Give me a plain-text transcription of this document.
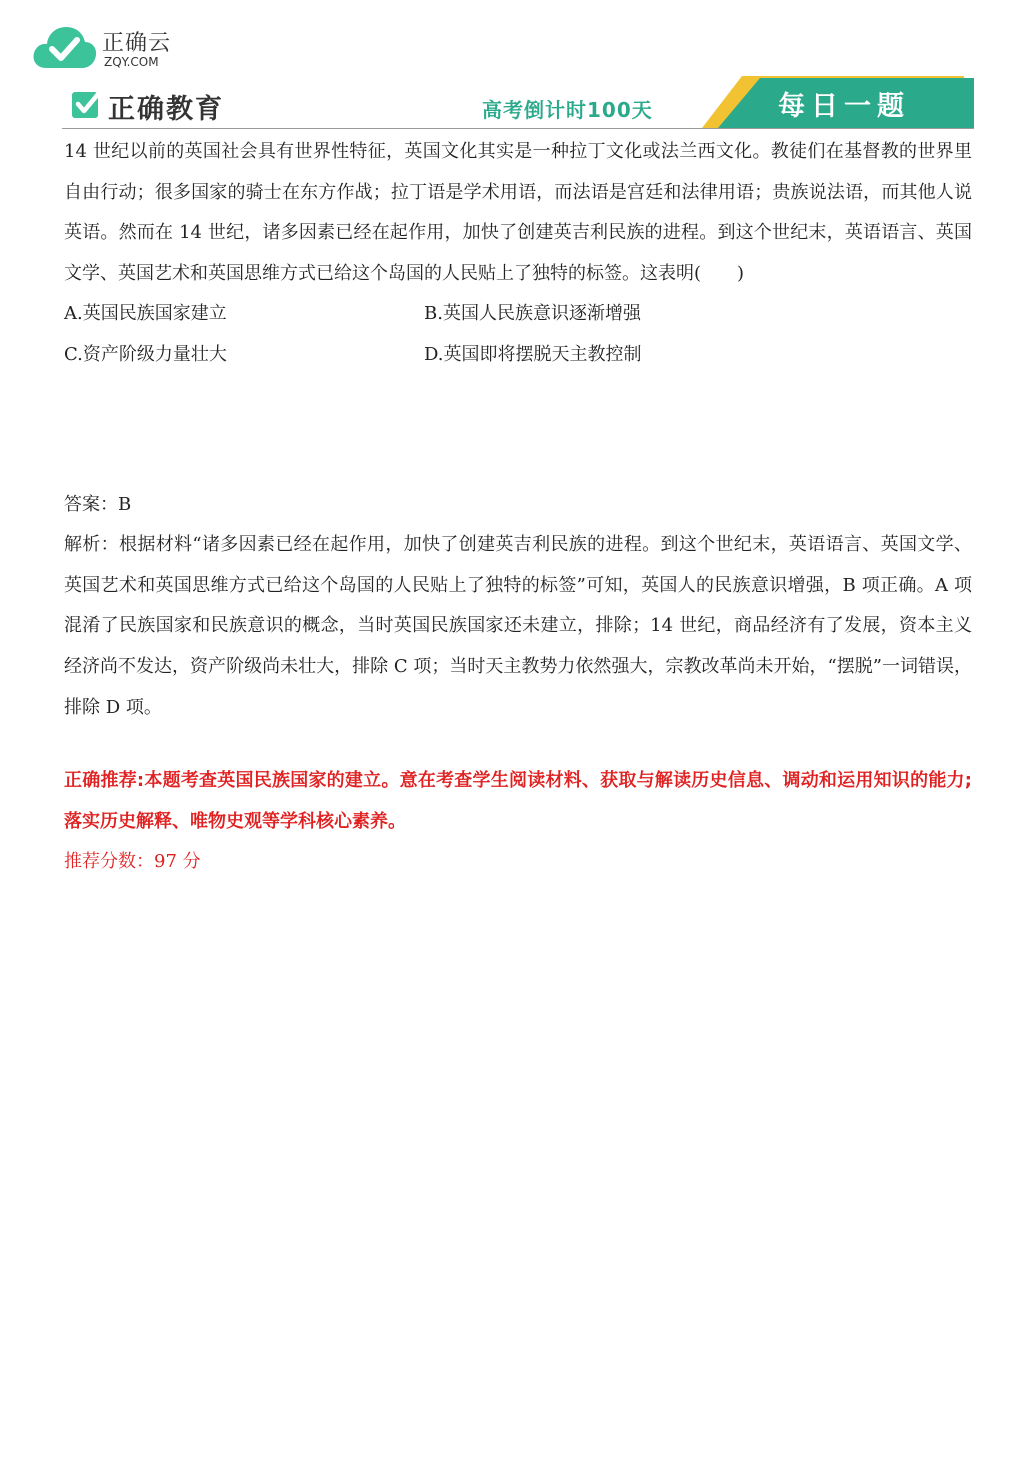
正确云
ZQY.COM
正确教育	高考倒计时100天	每日一题

14 世纪以前的英国社会具有世界性特征，英国文化其实是一种拉丁文化或法兰西文化。教徒们在基督教的世界里自由行动；很多国家的骑士在东方作战；拉丁语是学术用语，而法语是宫廷和法律用语；贵族说法语，而其他人说英语。然而在 14 世纪，诸多因素已经在起作用，加快了创建英吉利民族的进程。到这个世纪末，英语语言、英国文学、英国艺术和英国思维方式已给这个岛国的人民贴上了独特的标签。这表明(　　)

A.英国民族国家建立	B.英国人民族意识逐渐增强
C.资产阶级力量壮大	D.英国即将摆脱天主教控制

答案：B

解析：根据材料“诸多因素已经在起作用，加快了创建英吉利民族的进程。到这个世纪末，英语语言、英国文学、英国艺术和英国思维方式已给这个岛国的人民贴上了独特的标签”可知，英国人的民族意识增强，B 项正确。A 项混淆了民族国家和民族意识的概念，当时英国民族国家还未建立，排除；14 世纪，商品经济有了发展，资本主义经济尚不发达，资产阶级尚未壮大，排除 C 项；当时天主教势力依然强大，宗教改革尚未开始，“摆脱”一词错误，排除 D 项。

正确推荐:本题考查英国民族国家的建立。意在考查学生阅读材料、获取与解读历史信息、调动和运用知识的能力;落实历史解释、唯物史观等学科核心素养。

推荐分数：97 分
